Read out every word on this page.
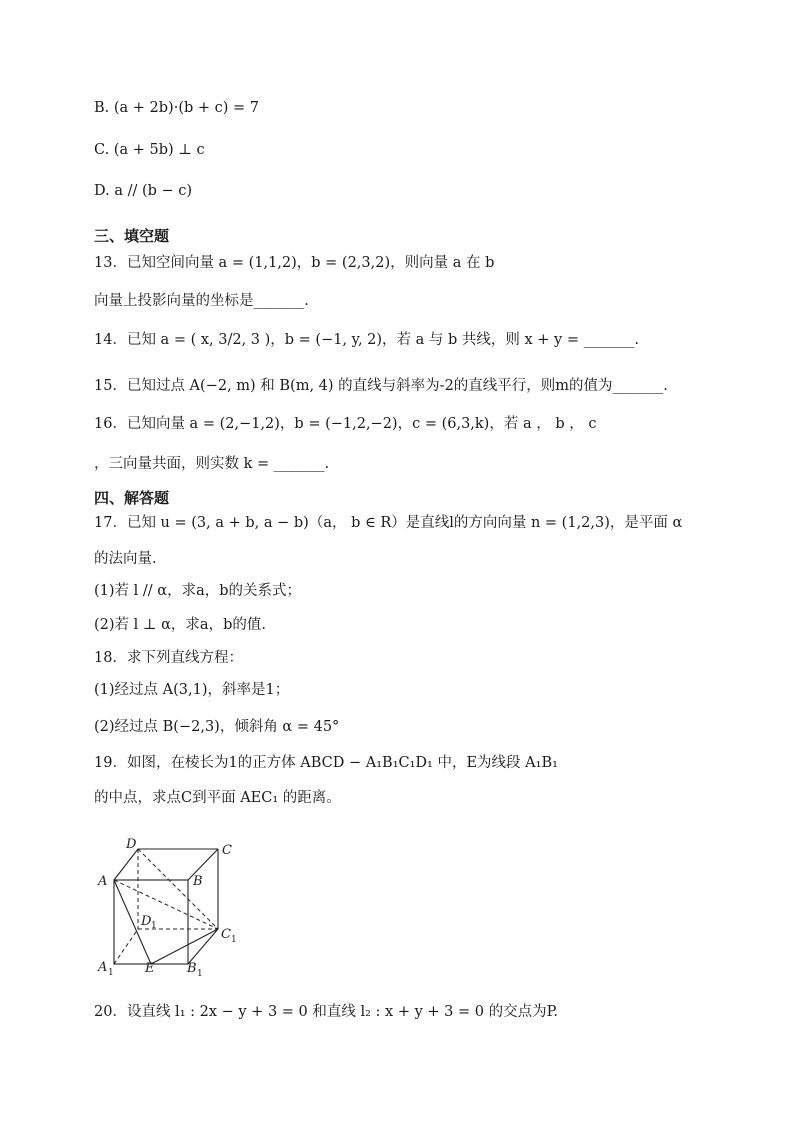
B. (a + 2b)·(b + c) = 7
C. (a + 5b) ⊥ c
D. a // (b − c)
三、填空题
13．已知空间向量 a = (1,1,2)，b = (2,3,2)，则向量 a 在 b
向量上投影向量的坐标是_______.
14．已知 a = ( x, 3/2, 3 )，b = (−1, y, 2)，若 a 与 b 共线，则 x + y = _______.
15．已知过点 A(−2, m) 和 B(m, 4) 的直线与斜率为-2的直线平行，则m的值为_______.
16．已知向量 a = (2,−1,2)，b = (−1,2,−2)，c = (6,3,k)，若 a ， b ， c
，三向量共面，则实数 k = _______.
四、解答题
17．已知 u = (3, a + b, a − b)（a， b ∈ R）是直线l的方向向量 n = (1,2,3)，是平面 α
的法向量.
(1)若 l // α，求a，b的关系式；
(2)若 l ⊥ α，求a，b的值.
18．求下列直线方程：
(1)经过点 A(3,1)，斜率是1；
(2)经过点 B(−2,3)，倾斜角 α = 45°
19．如图，在棱长为1的正方体 ABCD − A₁B₁C₁D₁ 中，E为线段 A₁B₁
的中点，求点C到平面 AEC₁ 的距离。
D	C
A	B
D 1
C 1
A 1 E	B 1
20．设直线 l₁ : 2x − y + 3 = 0 和直线 l₂ : x + y + 3 = 0 的交点为P.
